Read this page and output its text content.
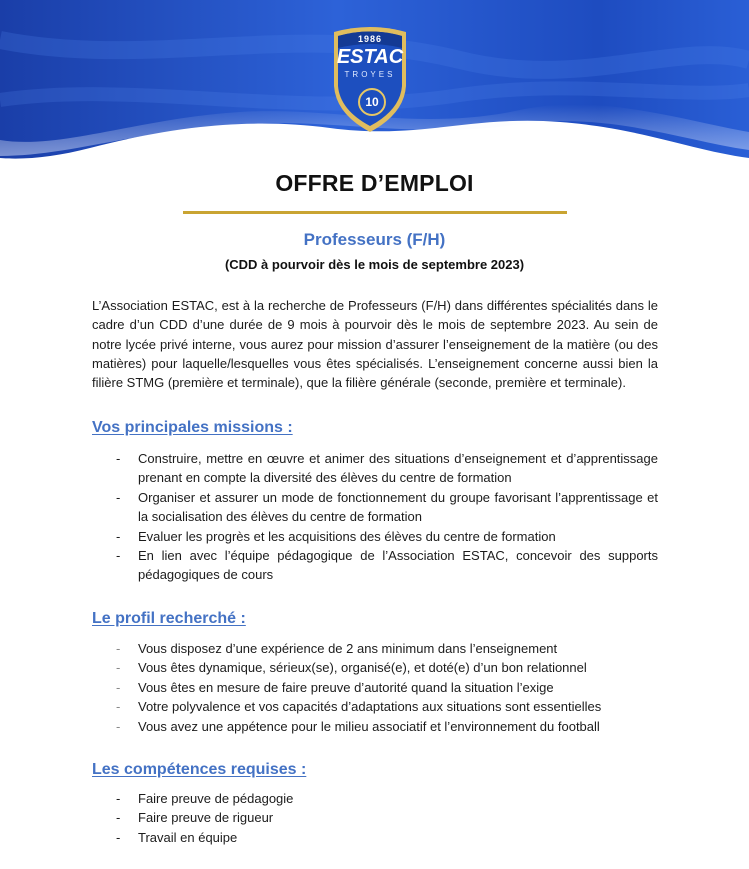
1986
ESTAC
TROYES
10
OFFRE D’EMPLOI
Professeurs (F/H)
(CDD à pourvoir dès le mois de septembre 2023)

L’Association ESTAC, est à la recherche de Professeurs (F/H) dans différentes spécialités dans le cadre d’un CDD d’une durée de 9 mois à pourvoir dès le mois de septembre 2023. Au sein de notre lycée privé interne, vous aurez pour mission d’assurer l’enseignement de la matière (ou des matières) pour laquelle/lesquelles vous êtes spécialisés. L’enseignement concerne aussi bien la filière STMG (première et terminale), que la filière générale (seconde, première et terminale).

Vos principales missions :
- Construire, mettre en œuvre et animer des situations d’enseignement et d’apprentissage prenant en compte la diversité des élèves du centre de formation
- Organiser et assurer un mode de fonctionnement du groupe favorisant l’apprentissage et la socialisation des élèves du centre de formation
- Evaluer les progrès et les acquisitions des élèves du centre de formation
- En lien avec l’équipe pédagogique de l’Association ESTAC, concevoir des supports pédagogiques de cours
Le profil recherché :
- Vous disposez d’une expérience de 2 ans minimum dans l’enseignement
- Vous êtes dynamique, sérieux(se), organisé(e), et doté(e) d’un bon relationnel
- Vous êtes en mesure de faire preuve d’autorité quand la situation l’exige
- Votre polyvalence et vos capacités d’adaptations aux situations sont essentielles
- Vous avez une appétence pour le milieu associatif et l’environnement du football
Les compétences requises :
- Faire preuve de pédagogie
- Faire preuve de rigueur
- Travail en équipe
